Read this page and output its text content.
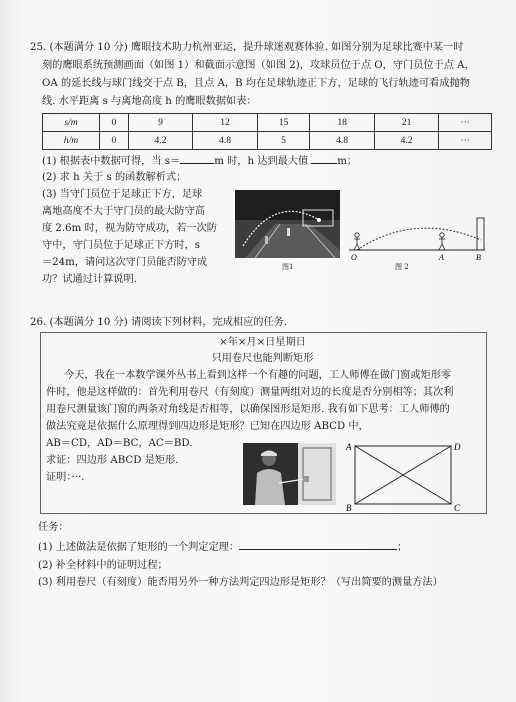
25. (本题满分 10 分) 鹰眼技术助力杭州亚运，提升球迷观赛体验. 如图分别为足球比赛中某一时
刻的鹰眼系统预测画面（如图 1）和截面示意图（如图 2)，攻球员位于点 O，守门员位于点 A，
OA 的延长线与球门线交于点 B，且点 A，B 均在足球轨迹正下方，足球的飞行轨迹可看成抛物
线. 水平距离 s 与离地高度 h 的鹰眼数据如表：
s/m	0	9	12	15	18	21	···
h/m	0	4.2	4.8	5	4.8	4.2	···
(1) 根据表中数据可得，当 s＝	m 时，h 达到最大值	m；
(2) 求 h 关于 s 的函数解析式；
(3) 当守门员位于足球正下方，足球
离地高度不大于守门员的最大防守高
度 2.6m 时，视为防守成功，若一次防
守中，守门员位于足球正下方时，s
＝24m，请问这次守门员能否防守成
功？试通过计算说明.
图1
O	A	B
图 2
26. (本题满分 10 分) 请阅读下列材料，完成相应的任务.
×年×月×日星期日
只用卷尺也能判断矩形
今天，我在一本数学课外丛书上看到这样一个有趣的问题，工人师傅在做门窗或矩形零
件时，他是这样做的：首先利用卷尺（有刻度）测量两组对边的长度是否分别相等；其次利
用卷尺测量该门窗的两条对角线是否相等，以确保图形是矩形. 我有如下思考：工人师傅的
做法究竟是依据什么原理得到四边形是矩形？已知在四边形 ABCD 中，
AB＝CD，AD＝BC，AC＝BD.
求证：四边形 ABCD 是矩形.
证明：···.
A	D
B	C
任务：
(1) 上述做法是依据了矩形的一个判定定理：	；
(2) 补全材料中的证明过程；
(3) 利用卷尺（有刻度）能否用另外一种方法判定四边形是矩形？（写出简要的测量方法）
